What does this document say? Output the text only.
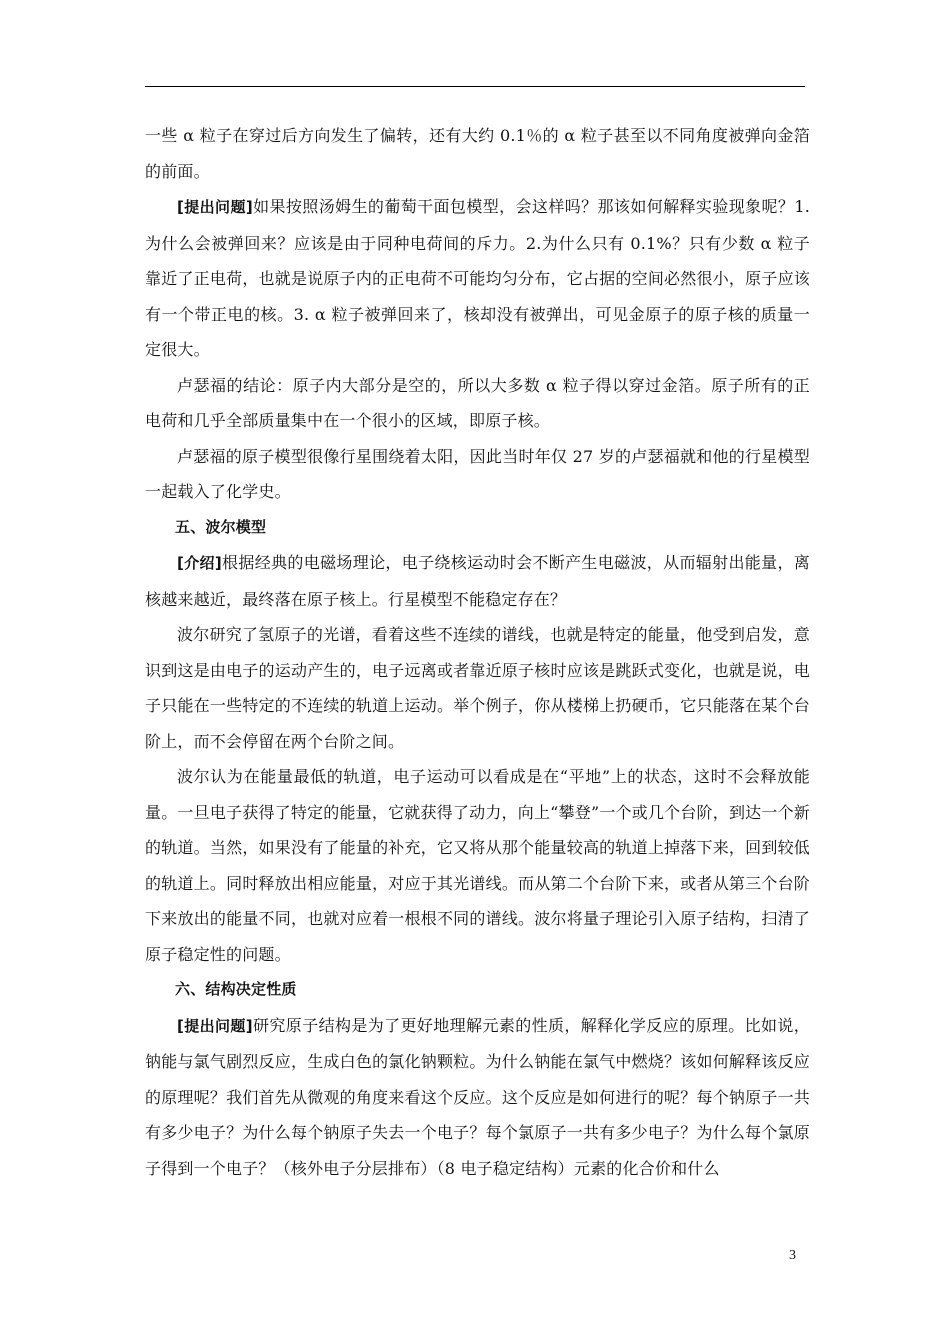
一些 α 粒子在穿过后方向发生了偏转，还有大约 0.1％的 α 粒子甚至以不同角度被弹向金箔的前面。

[提出问题]如果按照汤姆生的葡萄干面包模型，会这样吗？那该如何解释实验现象呢？1.为什么会被弹回来？应该是由于同种电荷间的斥力。2.为什么只有 0.1%？只有少数 α 粒子靠近了正电荷，也就是说原子内的正电荷不可能均匀分布，它占据的空间必然很小，原子应该有一个带正电的核。3. α 粒子被弹回来了，核却没有被弹出，可见金原子的原子核的质量一定很大。

卢瑟福的结论：原子内大部分是空的，所以大多数 α 粒子得以穿过金箔。原子所有的正电荷和几乎全部质量集中在一个很小的区域，即原子核。

卢瑟福的原子模型很像行星围绕着太阳，因此当时年仅 27 岁的卢瑟福就和他的行星模型一起载入了化学史。

五、波尔模型

[介绍]根据经典的电磁场理论，电子绕核运动时会不断产生电磁波，从而辐射出能量，离核越来越近，最终落在原子核上。行星模型不能稳定存在？

波尔研究了氢原子的光谱，看着这些不连续的谱线，也就是特定的能量，他受到启发，意识到这是由电子的运动产生的，电子远离或者靠近原子核时应该是跳跃式变化，也就是说，电子只能在一些特定的不连续的轨道上运动。举个例子，你从楼梯上扔硬币，它只能落在某个台阶上，而不会停留在两个台阶之间。

波尔认为在能量最低的轨道，电子运动可以看成是在“平地”上的状态，这时不会释放能量。一旦电子获得了特定的能量，它就获得了动力，向上“攀登”一个或几个台阶，到达一个新的轨道。当然，如果没有了能量的补充，它又将从那个能量较高的轨道上掉落下来，回到较低的轨道上。同时释放出相应能量，对应于其光谱线。而从第二个台阶下来，或者从第三个台阶下来放出的能量不同，也就对应着一根根不同的谱线。波尔将量子理论引入原子结构，扫清了原子稳定性的问题。

六、结构决定性质

[提出问题]研究原子结构是为了更好地理解元素的性质，解释化学反应的原理。比如说，钠能与氯气剧烈反应，生成白色的氯化钠颗粒。为什么钠能在氯气中燃烧？该如何解释该反应的原理呢？我们首先从微观的角度来看这个反应。这个反应是如何进行的呢？每个钠原子一共有多少电子？为什么每个钠原子失去一个电子？每个氯原子一共有多少电子？为什么每个氯原子得到一个电子？（核外电子分层排布）（8 电子稳定结构）元素的化合价和什么

3
